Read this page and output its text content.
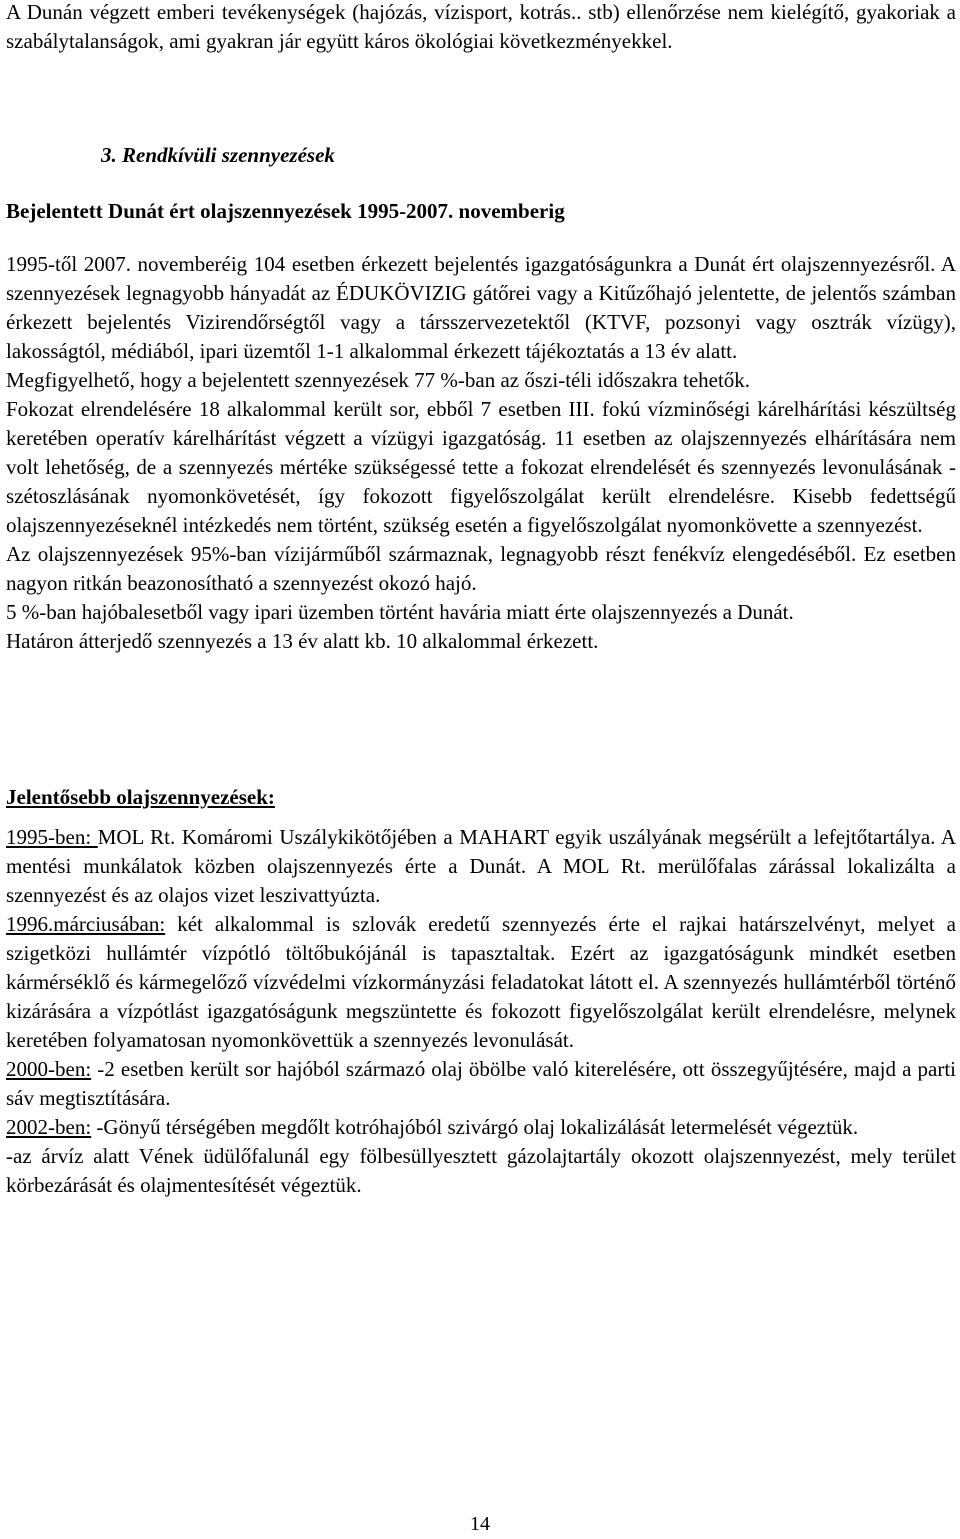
A Dunán végzett emberi tevékenységek (hajózás, vízisport, kotrás.. stb) ellenőrzése nem kielégítő, gyakoriak a szabálytalanságok, ami gyakran jár együtt káros ökológiai következményekkel.

3. Rendkívüli szennyezések
Bejelentett Dunát ért olajszennyezések 1995-2007. novemberig

1995-től 2007. novemberéig 104 esetben érkezett bejelentés igazgatóságunkra a Dunát ért olajszennyezésről. A szennyezések legnagyobb hányadát az ÉDUKÖVIZIG gátőrei vagy a Kitűzőhajó jelentette, de jelentős számban érkezett bejelentés Vizirendőrségtől vagy a társszervezetektől (KTVF, pozsonyi vagy osztrák vízügy), lakosságtól, médiából, ipari üzemtől 1-1 alkalommal érkezett tájékoztatás a 13 év alatt.

Megfigyelhető, hogy a bejelentett szennyezések 77 %-ban az őszi-téli időszakra tehetők.

Fokozat elrendelésére 18 alkalommal került sor, ebből 7 esetben III. fokú vízminőségi kárelhárítási készültség keretében operatív kárelhárítást végzett a vízügyi igazgatóság. 11 esetben az olajszennyezés elhárítására nem volt lehetőség, de a szennyezés mértéke szükségessé tette a fokozat elrendelését és szennyezés levonulásának - szétoszlásának nyomonkövetését, így fokozott figyelőszolgálat került elrendelésre. Kisebb fedettségű olajszennyezéseknél intézkedés nem történt, szükség esetén a figyelőszolgálat nyomonkövette a szennyezést.

Az olajszennyezések 95%-ban vízijárműből származnak, legnagyobb részt fenékvíz elengedéséből. Ez esetben nagyon ritkán beazonosítható a szennyezést okozó hajó.

5 %-ban hajóbalesetből vagy ipari üzemben történt havária miatt érte olajszennyezés a Dunát.

Határon átterjedő szennyezés a 13 év alatt kb. 10 alkalommal érkezett.

Jelentősebb olajszennyezések:

1995-ben: MOL Rt. Komáromi Uszálykikötőjében a MAHART egyik uszályának megsérült a lefejtőtartálya. A mentési munkálatok közben olajszennyezés érte a Dunát. A MOL Rt. merülőfalas zárással lokalizálta a szennyezést és az olajos vizet leszivattyúzta.

1996.márciusában: két alkalommal is szlovák eredetű szennyezés érte el rajkai határszelvényt, melyet a szigetközi hullámtér vízpótló töltőbukójánál is tapasztaltak. Ezért az igazgatóságunk mindkét esetben kármérséklő és kármegelőző vízvédelmi vízkormányzási feladatokat látott el. A szennyezés hullámtérből történő kizárására a vízpótlást igazgatóságunk megszüntette és fokozott figyelőszolgálat került elrendelésre, melynek keretében folyamatosan nyomonkövettük a szennyezés levonulását.

2000-ben: -2 esetben került sor hajóból származó olaj öbölbe való kiterelésére, ott összegyűjtésére, majd a parti sáv megtisztítására.

2002-ben: -Gönyű térségében megdőlt kotróhajóból szivárgó olaj lokalizálását letermelését végeztük.

-az árvíz alatt Vének üdülőfalunál egy fölbesüllyesztett gázolajtartály okozott olajszennyezést, mely terület körbezárását és olajmentesítését végeztük.

14
